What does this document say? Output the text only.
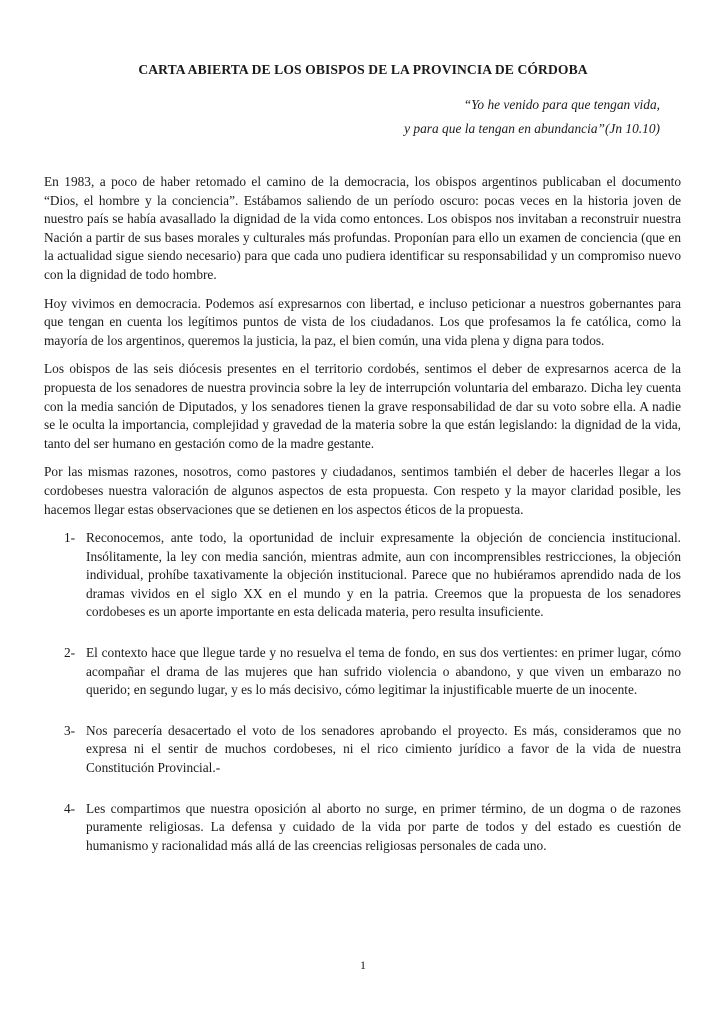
CARTA ABIERTA DE LOS OBISPOS DE LA PROVINCIA DE CÓRDOBA
“Yo he venido para que tengan vida,
y para que la tengan en abundancia”(Jn 10.10)

En 1983, a poco de haber retomado el camino de la democracia, los obispos argentinos publicaban el documento “Dios, el hombre y la conciencia”. Estábamos saliendo de un período oscuro: pocas veces en la historia joven de nuestro país se había avasallado la dignidad de la vida como entonces. Los obispos nos invitaban a reconstruir nuestra Nación a partir de sus bases morales y culturales más profundas. Proponían para ello un examen de conciencia (que en la actualidad sigue siendo necesario) para que cada uno pudiera identificar su responsabilidad y un compromiso nuevo con la dignidad de todo hombre.

Hoy vivimos en democracia. Podemos así expresarnos con libertad, e incluso peticionar a nuestros gobernantes para que tengan en cuenta los legítimos puntos de vista de los ciudadanos. Los que profesamos la fe católica, como la mayoría de los argentinos, queremos la justicia, la paz, el bien común, una vida plena y digna para todos.

Los obispos de las seis diócesis presentes en el territorio cordobés, sentimos el deber de expresarnos acerca de la propuesta de los senadores de nuestra provincia sobre la ley de interrupción voluntaria del embarazo. Dicha ley cuenta con la media sanción de Diputados, y los senadores tienen la grave responsabilidad de dar su voto sobre ella. A nadie se le oculta la importancia, complejidad y gravedad de la materia sobre la que están legislando: la dignidad de la vida, tanto del ser humano en gestación como de la madre gestante.

Por las mismas razones, nosotros, como pastores y ciudadanos, sentimos también el deber de hacerles llegar a los cordobeses nuestra valoración de algunos aspectos de esta propuesta. Con respeto y la mayor claridad posible, les hacemos llegar estas observaciones que se detienen en los aspectos éticos de la propuesta.

1- Reconocemos, ante todo, la oportunidad de incluir expresamente la objeción de conciencia institucional. Insólitamente, la ley con media sanción, mientras admite, aun con incomprensibles restricciones, la objeción individual, prohíbe taxativamente la objeción institucional. Parece que no hubiéramos aprendido nada de los dramas vividos en el siglo XX en el mundo y en la patria. Creemos que la propuesta de los senadores cordobeses es un aporte importante en esta delicada materia, pero resulta insuficiente.
2- El contexto hace que llegue tarde y no resuelva el tema de fondo, en sus dos vertientes: en primer lugar, cómo acompañar el drama de las mujeres que han sufrido violencia o abandono, y que viven un embarazo no querido; en segundo lugar, y es lo más decisivo, cómo legitimar la injustificable muerte de un inocente.
3- Nos parecería desacertado el voto de los senadores aprobando el proyecto. Es más, consideramos que no expresa ni el sentir de muchos cordobeses, ni el rico cimiento jurídico a favor de la vida de nuestra Constitución Provincial.-
4- Les compartimos que nuestra oposición al aborto no surge, en primer término, de un dogma o de razones puramente religiosas. La defensa y cuidado de la vida por parte de todos y del estado es cuestión de humanismo y racionalidad más allá de las creencias religiosas personales de cada uno.
1
